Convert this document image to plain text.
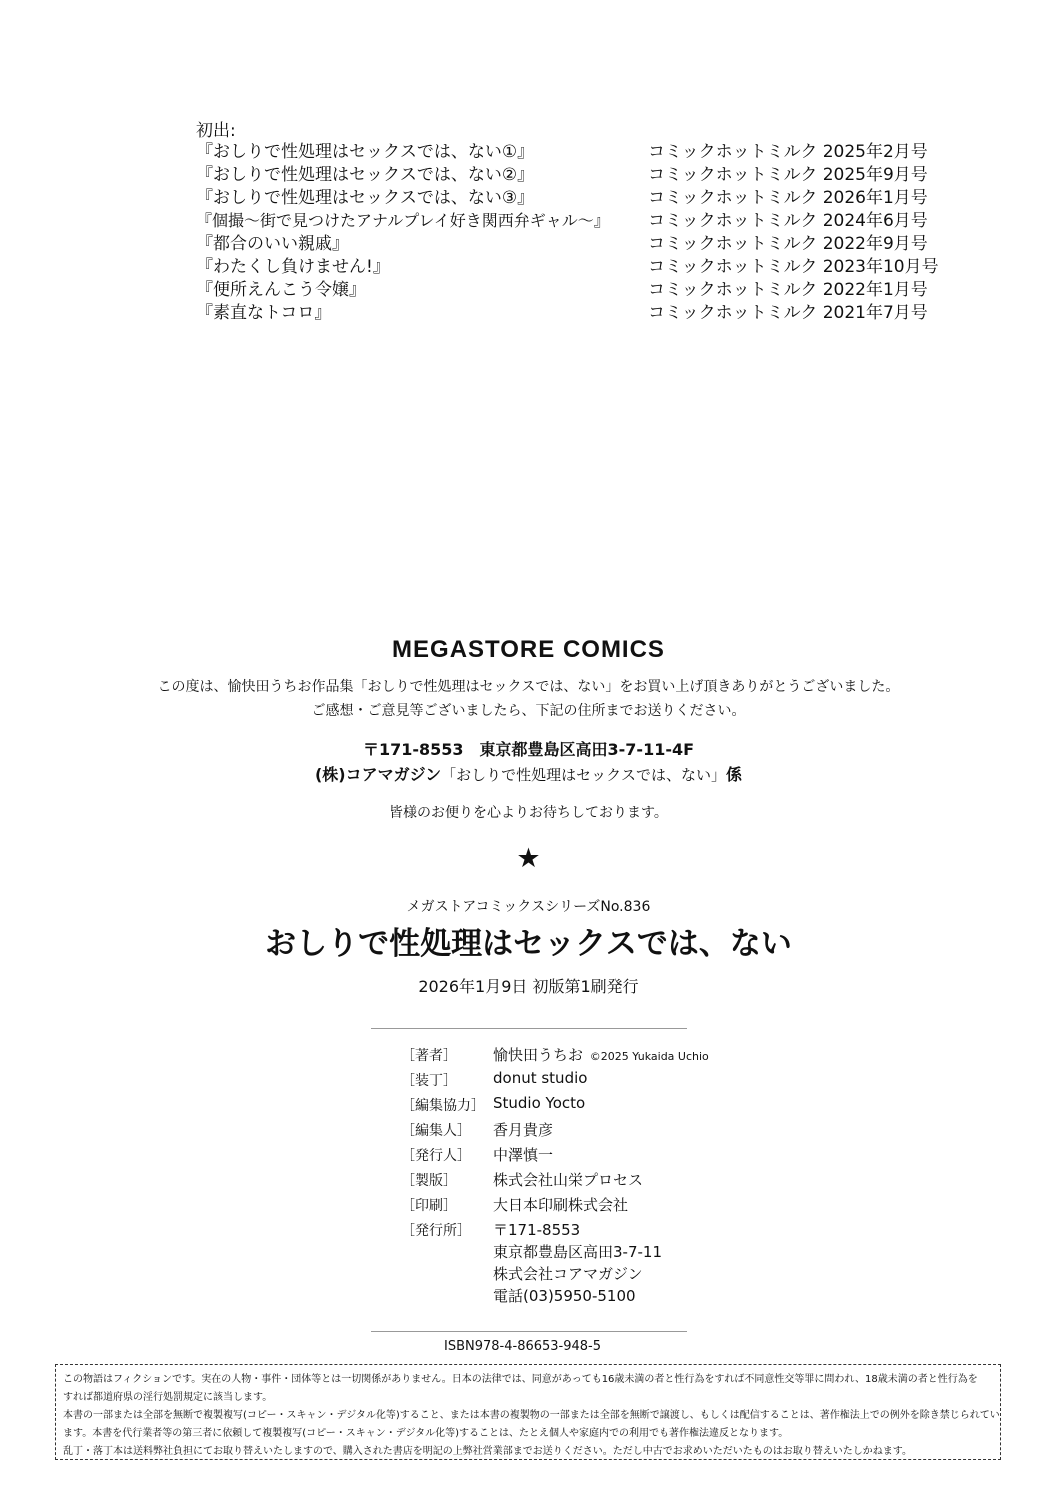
初出:
『おしりで性処理はセックスでは、ない①』	コミックホットミルク 2025年2月号
『おしりで性処理はセックスでは、ない②』	コミックホットミルク 2025年9月号
『おしりで性処理はセックスでは、ない③』	コミックホットミルク 2026年1月号
『個撮～街で見つけたアナルプレイ好き関西弁ギャル～』 コミックホットミルク 2024年6月号
『都合のいい親戚』	コミックホットミルク 2022年9月号
『わたくし負けません!』	コミックホットミルク 2023年10月号
『便所えんこう令嬢』	コミックホットミルク 2022年1月号
『素直なトコロ』	コミックホットミルク 2021年7月号
MEGASTORE COMICS
この度は、愉快田うちお作品集「おしりで性処理はセックスでは、ない」をお買い上げ頂きありがとうございました。
ご感想・ご意見等ございましたら、下記の住所までお送りください。
〒171-8553　東京都豊島区高田3-7-11-4F
(株)コアマガジン「おしりで性処理はセックスでは、ない」係
皆様のお便りを心よりお待ちしております。
★
メガストアコミックスシリーズNo.836
おしりで性処理はセックスでは、ない
2026年1月9日 初版第1刷発行
［著者］ 愉快田うちお ©2025 Yukaida Uchio
［装丁］ donut studio
［編集協力］ Studio Yocto
［編集人］ 香月貴彦
［発行人］ 中澤慎一
［製版］ 株式会社山栄プロセス
［印刷］ 大日本印刷株式会社
［発行所］ 〒171-8553
東京都豊島区高田3-7-11
株式会社コアマガジン
電話(03)5950-5100
ISBN978-4-86653-948-5

この物語はフィクションです。実在の人物・事件・団体等とは一切関係がありません。日本の法律では、同意があっても16歳未満の者と性行為をすれば不同意性交等罪に問われ、18歳未満の者と性行為を

すれば都道府県の淫行処罰規定に該当します。

本書の一部または全部を無断で複製複写(コピー・スキャン・デジタル化等)すること、または本書の複製物の一部または全部を無断で譲渡し、もしくは配信することは、著作権法上での例外を除き禁じられてい

ます。本書を代行業者等の第三者に依頼して複製複写(コピー・スキャン・デジタル化等)することは、たとえ個人や家庭内での利用でも著作権法違反となります。

乱丁・落丁本は送料弊社負担にてお取り替えいたしますので、購入された書店を明記の上弊社営業部までお送りください。ただし中古でお求めいただいたものはお取り替えいたしかねます。
